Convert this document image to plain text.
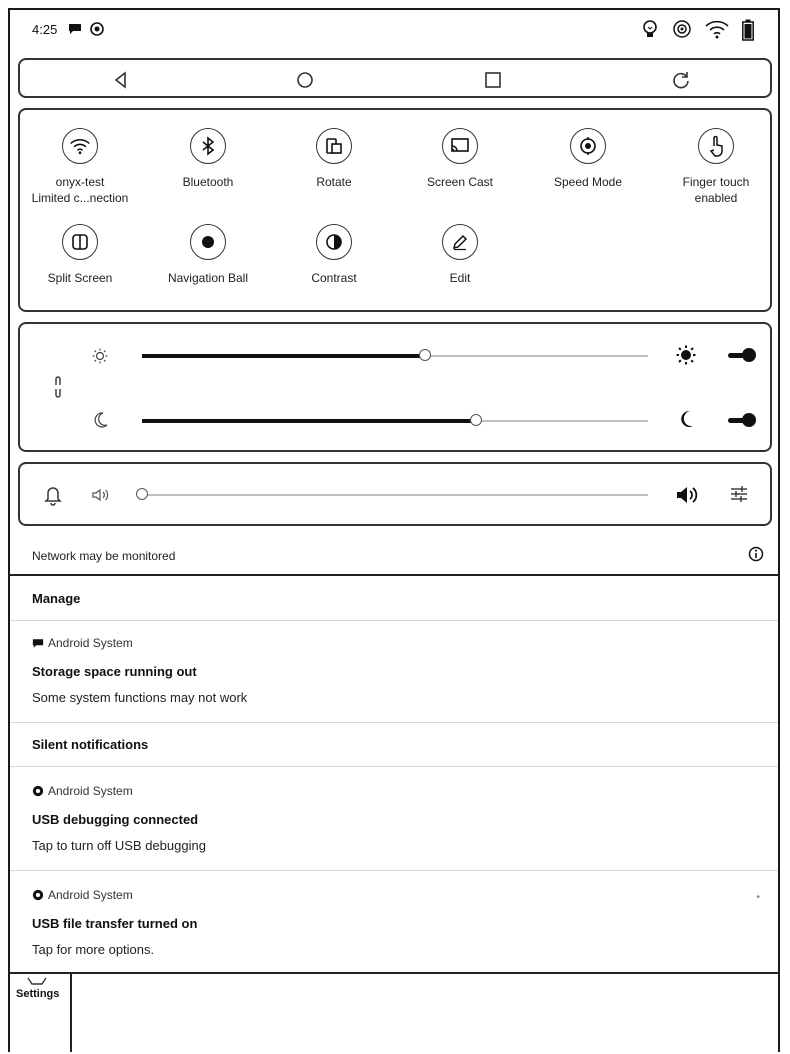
4:25
onyx-test
Limited c...nection
Bluetooth	Rotate	Screen Cast	Speed Mode	Finger touch
enabled
Split Screen	Navigation Ball	Contrast	Edit
Network may be monitored
Manage
Android System
Storage space running out
Some system functions may not work
Silent notifications
Android System
USB debugging connected
Tap to turn off USB debugging
Android System	•
USB file transfer turned on
Tap for more options.
Settings
